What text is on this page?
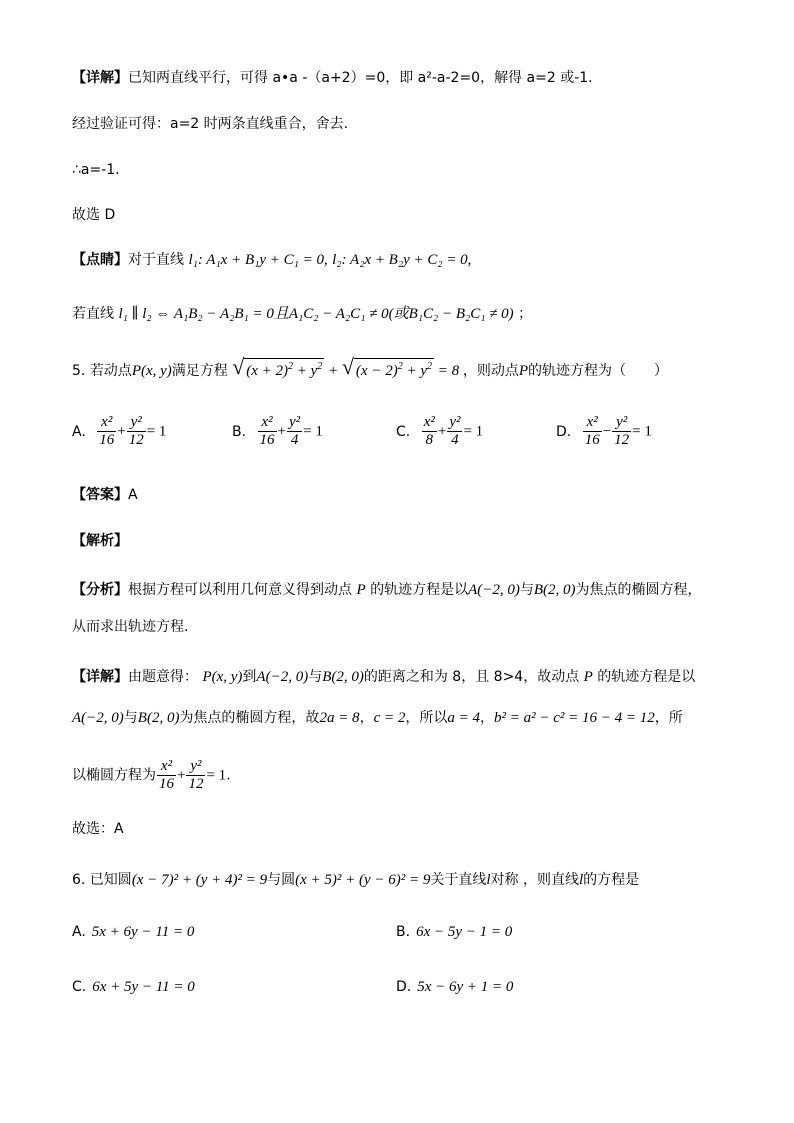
【详解】已知两直线平行，可得 a•a -（a+2）=0，即 a²-a-2=0，解得 a=2 或-1.
经过验证可得：a=2 时两条直线重合，舍去.
∴a=-1.
故选 D
【点睛】对于直线 l₁: A₁x + B₁y + C₁ = 0, l₂: A₂x + B₂y + C₂ = 0,
若直线 l₁ ∥ l₂ ⇔ A₁B₂ − A₂B₁ = 0且A₁C₂ − A₂C₁ ≠ 0(或B₁C₂ − B₂C₁ ≠ 0) ；
5. 若动点P(x, y)满足方程 √ $(x + 2)^2 + y^2$ + √ $(x - 2)^2 + y^2 = 8$ ，则动点P的轨迹方程为（　　）
A. $\frac{\text{x²}}{16} + \frac{\text{y²}}{12} = 1$	B. $\frac{\text{x²}}{16} + \frac{\text{y²}}{4} = 1$	C. $\frac{\text{x²}}{8} + \frac{\text{y²}}{4} = 1$	D. $\frac{\text{x²}}{16} - \frac{\text{y²}}{12} = 1$
【答案】A
【解析】
【分析】根据方程可以利用几何意义得到动点 P 的轨迹方程是以A(−2, 0)与B(2, 0)为焦点的椭圆方程，
从而求出轨迹方程.
【详解】由题意得： P(x, y)到A(−2, 0)与B(2, 0)的距离之和为 8，且 8>4，故动点 P 的轨迹方程是以
A(−2, 0)与B(2, 0)为焦点的椭圆方程，故2a = 8，c = 2，所以a = 4，b² = a² − c² = 16 − 4 = 12，所
以椭圆方程为 $\frac{\text{x²}}{16} + \frac{\text{y²}}{12} = 1$.
故选：A
6. 已知圆(x − 7)² + (y + 4)² = 9与圆(x + 5)² + (y − 6)² = 9关于直线l对称 ，则直线l的方程是
A. 5x + 6y − 11 = 0	B. 6x − 5y − 1 = 0
C. 6x + 5y − 11 = 0	D. 5x − 6y + 1 = 0
